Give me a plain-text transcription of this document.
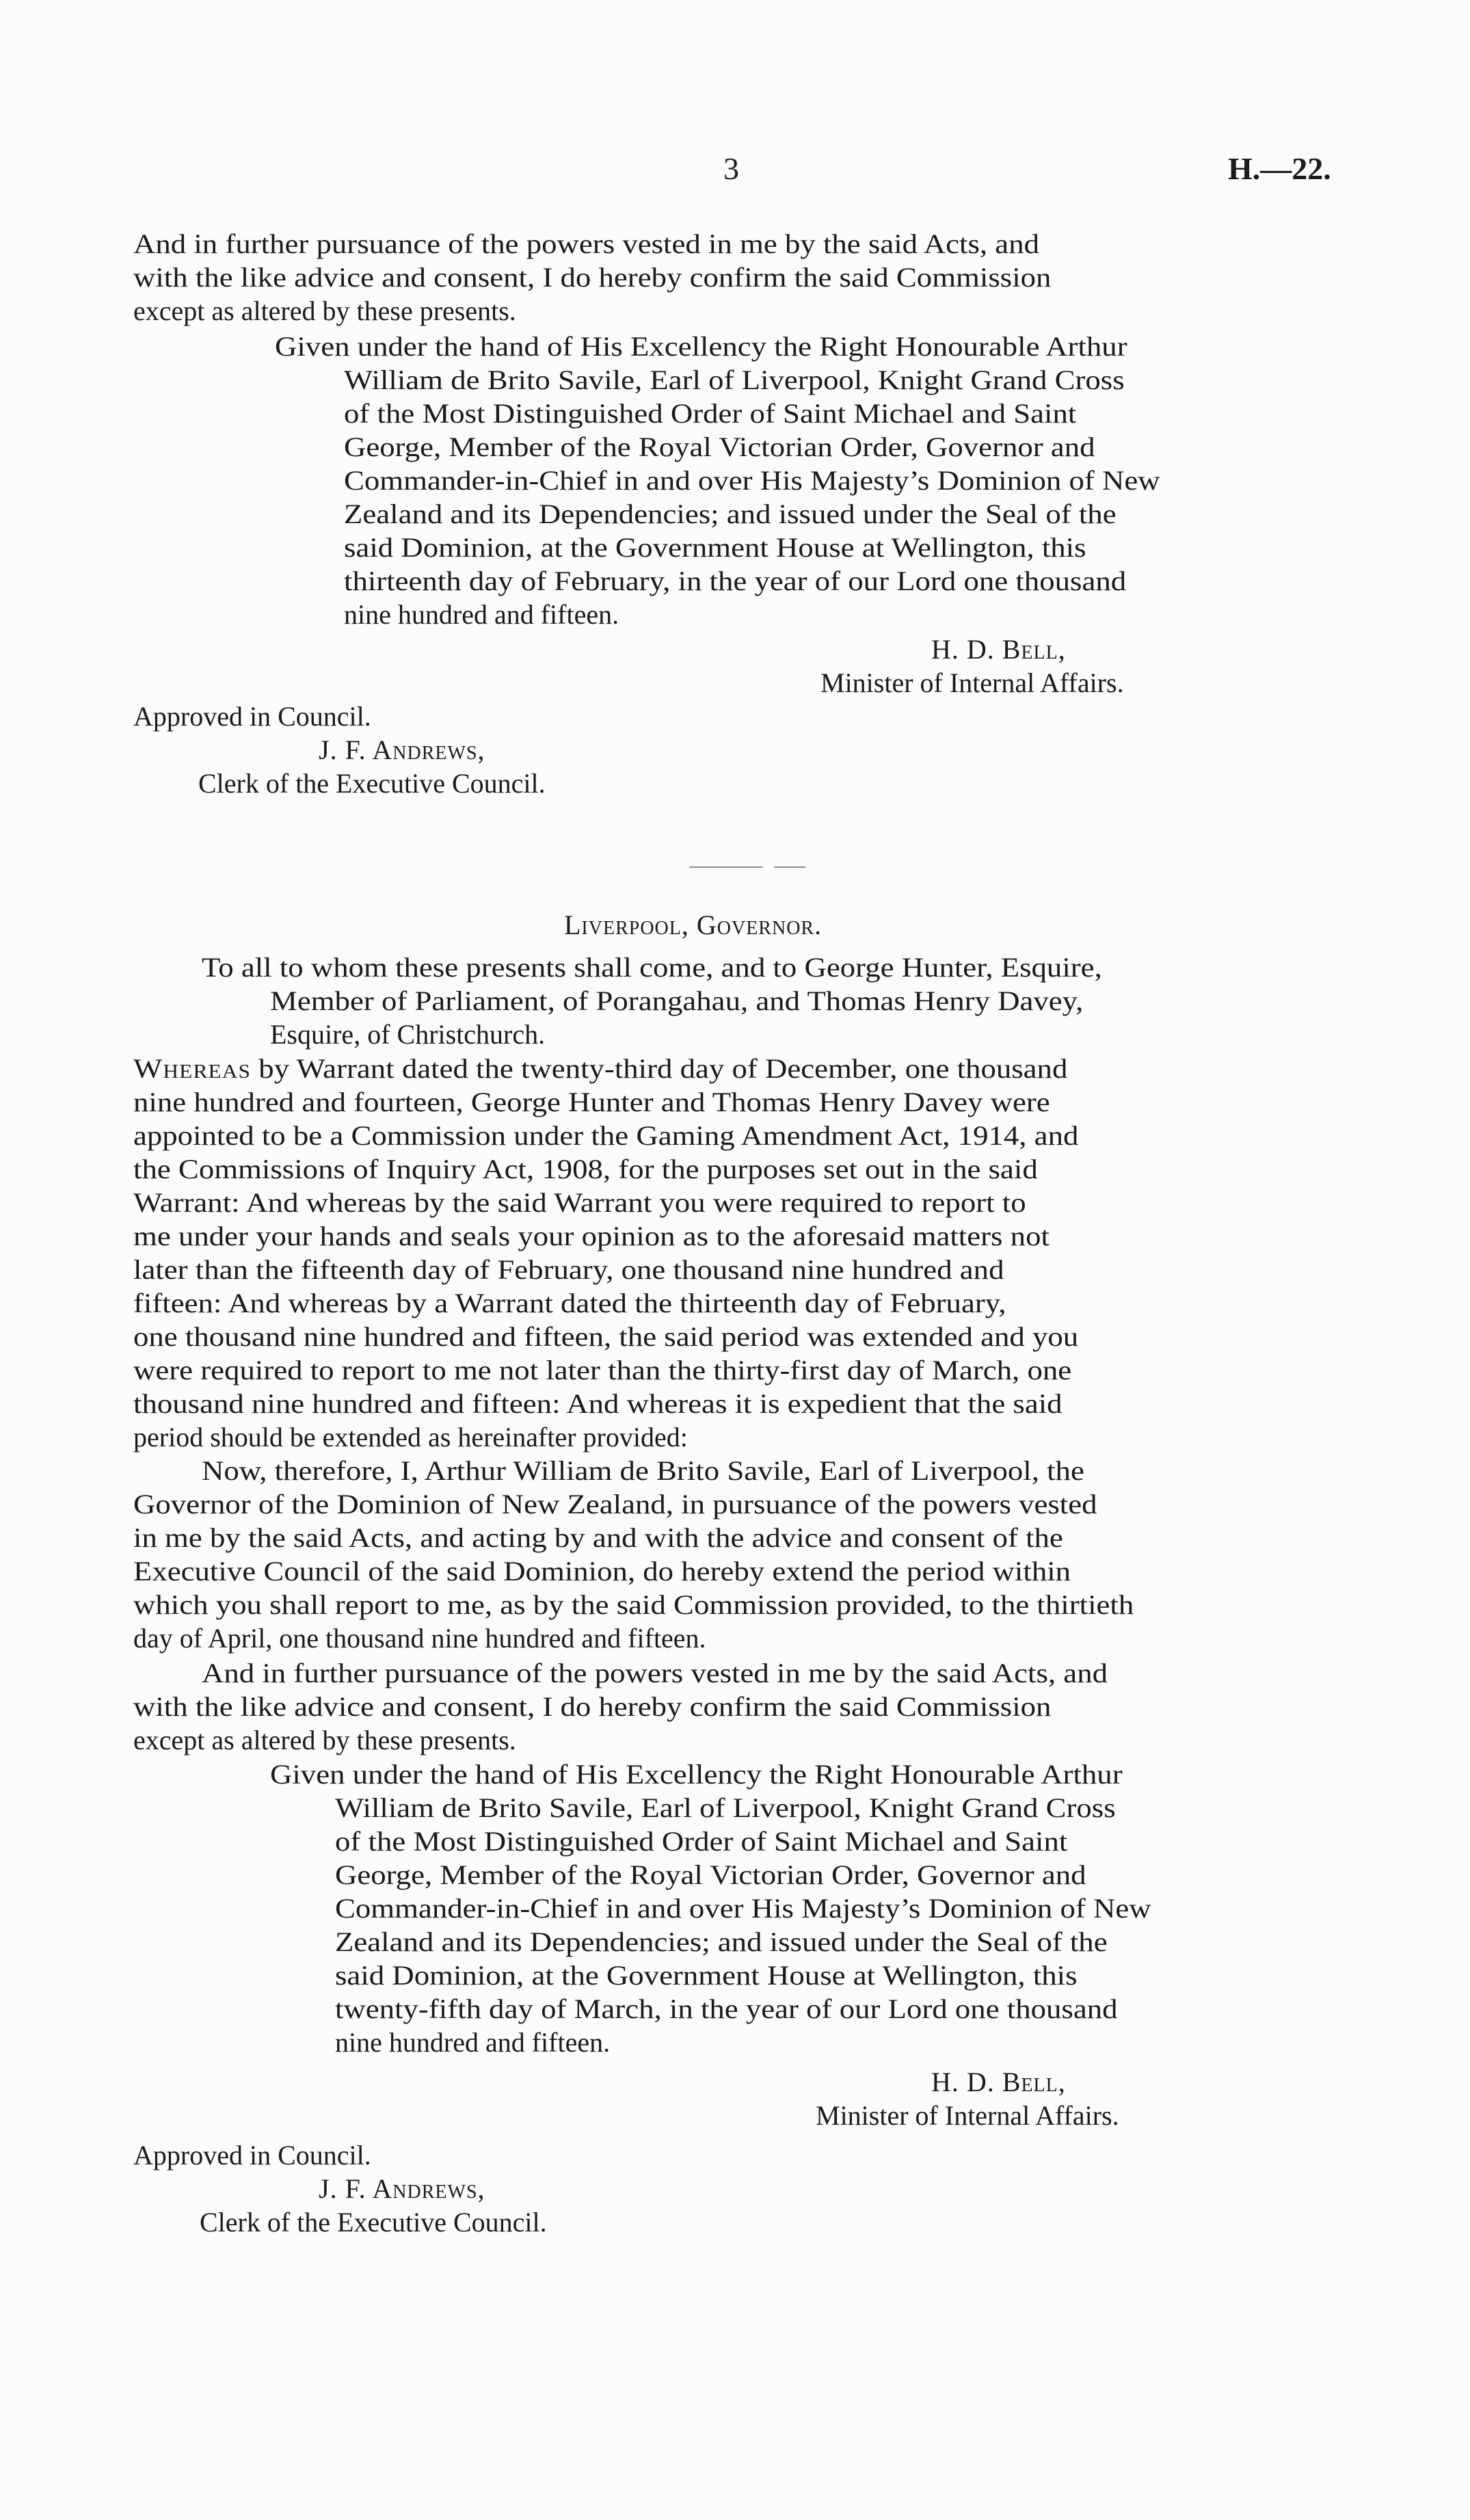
3	H.—22.
And in further pursuance of the powers vested in me by the said Acts, and
with the like advice and consent, I do hereby confirm the said Commission
except as altered by these presents.
Given under the hand of His Excellency the Right Honourable Arthur
William de Brito Savile, Earl of Liverpool, Knight Grand Cross
of the Most Distinguished Order of Saint Michael and Saint
George, Member of the Royal Victorian Order, Governor and
Commander-in-Chief in and over His Majesty’s Dominion of New
Zealand and its Dependencies; and issued under the Seal of the
said Dominion, at the Government House at Wellington, this
thirteenth day of February, in the year of our Lord one thousand
nine hundred and fifteen.
H. D. Bell,
Minister of Internal Affairs.
Approved in Council.
J. F. Andrews,
Clerk of the Executive Council.
Liverpool, Governor.
To all to whom these presents shall come, and to George Hunter, Esquire,
Member of Parliament, of Porangahau, and Thomas Henry Davey,
Esquire, of Christchurch.
Whereas by Warrant dated the twenty-third day of December, one thousand
nine hundred and fourteen, George Hunter and Thomas Henry Davey were
appointed to be a Commission under the Gaming Amendment Act, 1914, and
the Commissions of Inquiry Act, 1908, for the purposes set out in the said
Warrant: And whereas by the said Warrant you were required to report to
me under your hands and seals your opinion as to the aforesaid matters not
later than the fifteenth day of February, one thousand nine hundred and
fifteen: And whereas by a Warrant dated the thirteenth day of February,
one thousand nine hundred and fifteen, the said period was extended and you
were required to report to me not later than the thirty-first day of March, one
thousand nine hundred and fifteen: And whereas it is expedient that the said
period should be extended as hereinafter provided:
Now, therefore, I, Arthur William de Brito Savile, Earl of Liverpool, the
Governor of the Dominion of New Zealand, in pursuance of the powers vested
in me by the said Acts, and acting by and with the advice and consent of the
Executive Council of the said Dominion, do hereby extend the period within
which you shall report to me, as by the said Commission provided, to the thirtieth
day of April, one thousand nine hundred and fifteen.
And in further pursuance of the powers vested in me by the said Acts, and
with the like advice and consent, I do hereby confirm the said Commission
except as altered by these presents.
Given under the hand of His Excellency the Right Honourable Arthur
William de Brito Savile, Earl of Liverpool, Knight Grand Cross
of the Most Distinguished Order of Saint Michael and Saint
George, Member of the Royal Victorian Order, Governor and
Commander-in-Chief in and over His Majesty’s Dominion of New
Zealand and its Dependencies; and issued under the Seal of the
said Dominion, at the Government House at Wellington, this
twenty-fifth day of March, in the year of our Lord one thousand
nine hundred and fifteen.
H. D. Bell,
Minister of Internal Affairs.
Approved in Council.
J. F. Andrews,
Clerk of the Executive Council.
